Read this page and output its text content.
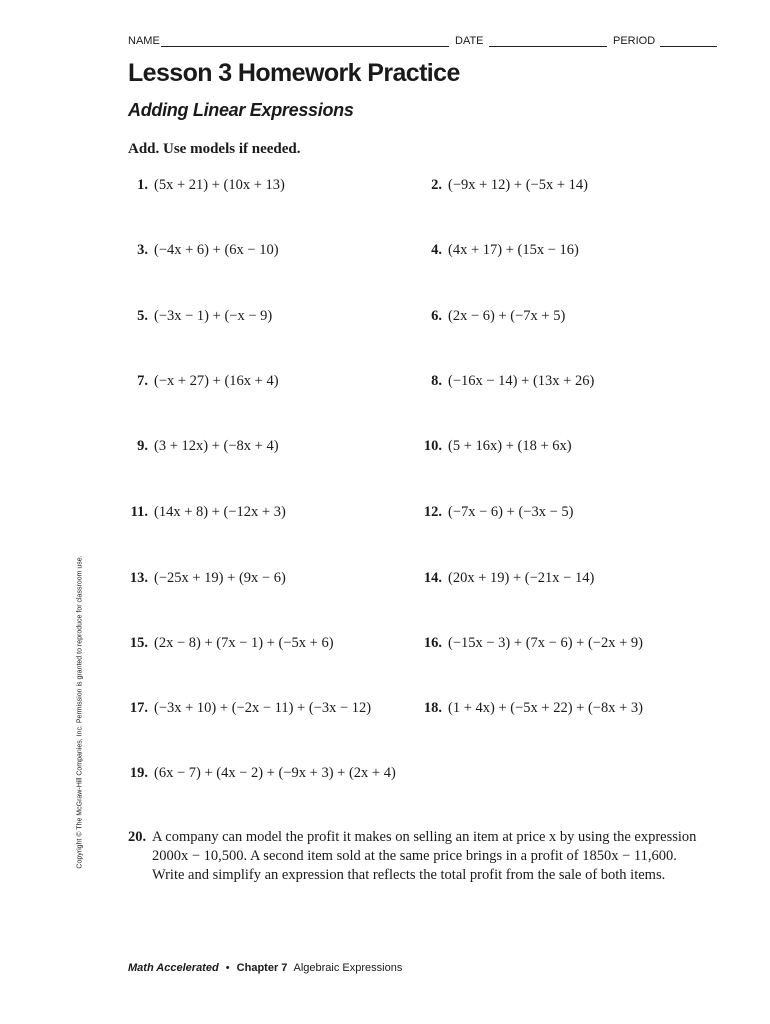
NAME	DATE	PERIOD
Lesson 3 Homework Practice
Adding Linear Expressions
Add. Use models if needed.
1. (5x + 21) + (10x + 13)	2. (−9x + 12) + (−5x + 14)
3. (−4x + 6) + (6x − 10)	4. (4x + 17) + (15x − 16)
5. (−3x − 1) + (−x − 9)	6. (2x − 6) + (−7x + 5)
7. (−x + 27) + (16x + 4)	8. (−16x − 14) + (13x + 26)
9. (3 + 12x) + (−8x + 4)	10. (5 + 16x) + (18 + 6x)
11. (14x + 8) + (−12x + 3)	12. (−7x − 6) + (−3x − 5)
13. (−25x + 19) + (9x − 6)	14. (20x + 19) + (−21x − 14)
15. (2x − 8) + (7x − 1) + (−5x + 6)	16. (−15x − 3) + (7x − 6) + (−2x + 9)
17. (−3x + 10) + (−2x − 11) + (−3x − 12)	18. (1 + 4x) + (−5x + 22) + (−8x + 3)
19. (6x − 7) + (4x − 2) + (−9x + 3) + (2x + 4)
20. A company can model the profit it makes on selling an item at price x by using the expression
2000x − 10,500. A second item sold at the same price brings in a profit of 1850x − 11,600.
Write and simplify an expression that reflects the total profit from the sale of both items.
Copyright © The McGraw-Hill Companies, Inc. Permission is granted to reproduce for classroom use.
Math Accelerated • Chapter 7 Algebraic Expressions
